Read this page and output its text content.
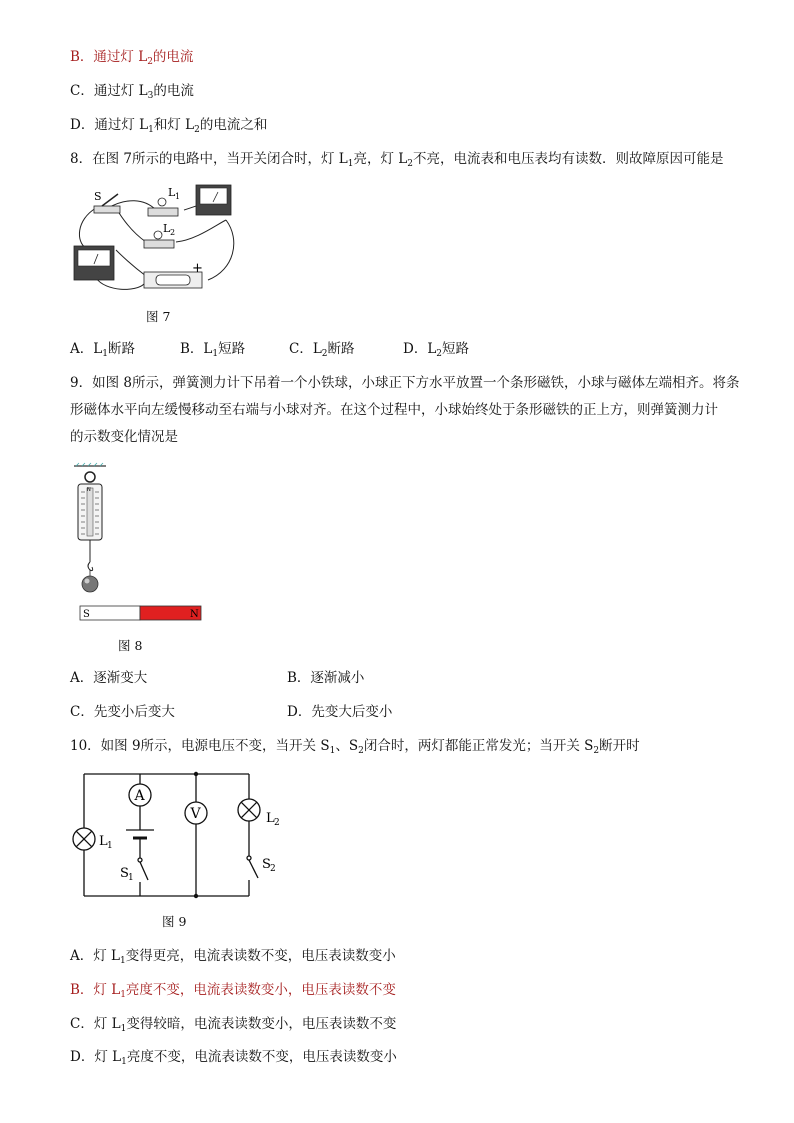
B．通过灯 $L_2$的电流
C．通过灯 $L_3$的电流
D．通过灯 $L_1$和灯 $L_2$的电流之和
8．在图 7所示的电路中，当开关闭合时，灯 $L_1$亮，灯 $L_2$不亮，电流表和电压表均有读数．则故障原因可能是
S	L 1
L 2
+
图 7
A．$L_1$断路	B．$L_1$短路	C．$L_2$断路	D．$L_2$短路
9．如图 8所示，弹簧测力计下吊着一个小铁球，小球正下方水平放置一个条形磁铁，小球与磁体左端相齐。将条
形磁体水平向左缓慢移动至右端与小球对齐。在这个过程中，小球始终处于条形磁铁的正上方，则弹簧测力计
的示数变化情况是
N
S	N
图 8
A．逐渐变大	B．逐渐减小
C．先变小后变大	D．先变大后变小
10．如图 9所示，电源电压不变，当开关 $S_1$、$S_2$闭合时，两灯都能正常发光；当开关 $S_2$断开时
A
V
L 1
L 2
S 1
S 2
图 9
A．灯 $L_1$变得更亮，电流表读数不变，电压表读数变小
B．灯 $L_1$亮度不变，电流表读数变小，电压表读数不变
C．灯 $L_1$变得较暗，电流表读数变小，电压表读数不变
D．灯 $L_1$亮度不变，电流表读数不变，电压表读数变小
